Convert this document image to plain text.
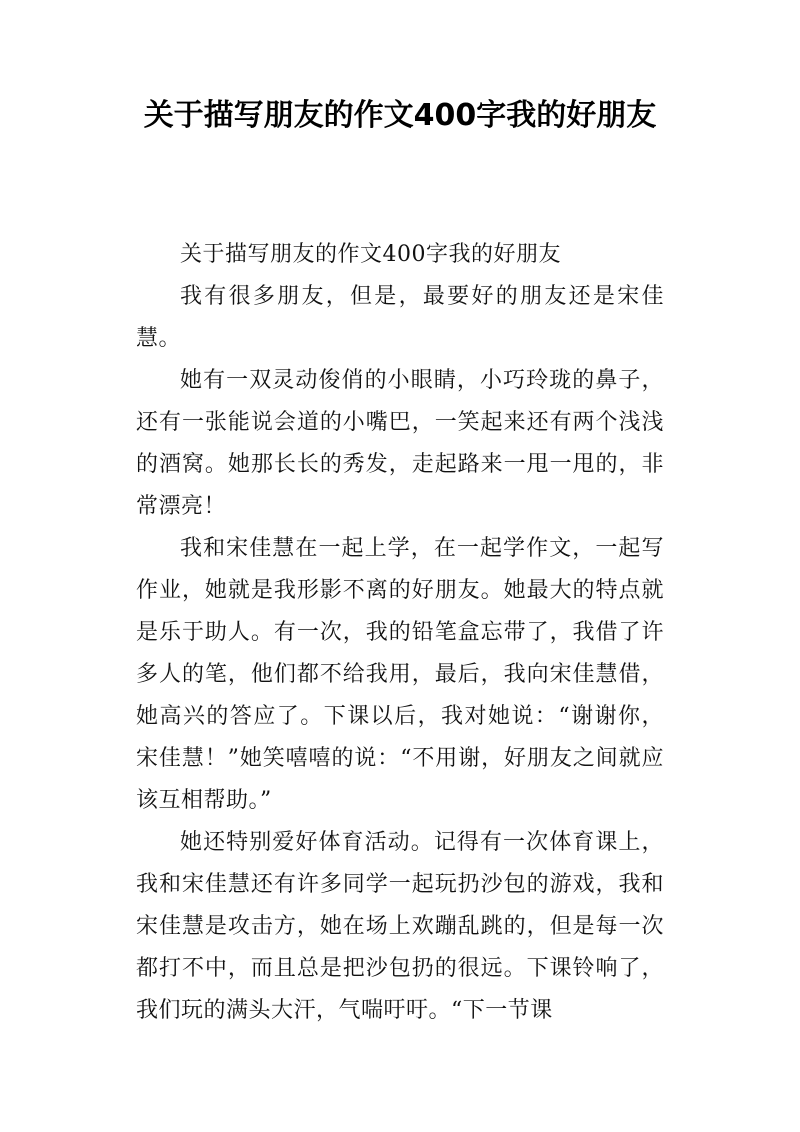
关于描写朋友的作文400字我的好朋友

关于描写朋友的作文400字我的好朋友

我有很多朋友，但是，最要好的朋友还是宋佳慧。

她有一双灵动俊俏的小眼睛，小巧玲珑的鼻子，还有一张能说会道的小嘴巴，一笑起来还有两个浅浅的酒窝。她那长长的秀发，走起路来一甩一甩的，非常漂亮！

我和宋佳慧在一起上学，在一起学作文，一起写作业，她就是我形影不离的好朋友。她最大的特点就是乐于助人。有一次，我的铅笔盒忘带了，我借了许多人的笔，他们都不给我用，最后，我向宋佳慧借，她高兴的答应了。下课以后，我对她说：“谢谢你，宋佳慧！”她笑嘻嘻的说：“不用谢，好朋友之间就应该互相帮助。”

她还特别爱好体育活动。记得有一次体育课上，我和宋佳慧还有许多同学一起玩扔沙包的游戏，我和宋佳慧是攻击方，她在场上欢蹦乱跳的，但是每一次都打不中，而且总是把沙包扔的很远。下课铃响了，我们玩的满头大汗，气喘吁吁。“下一节课
